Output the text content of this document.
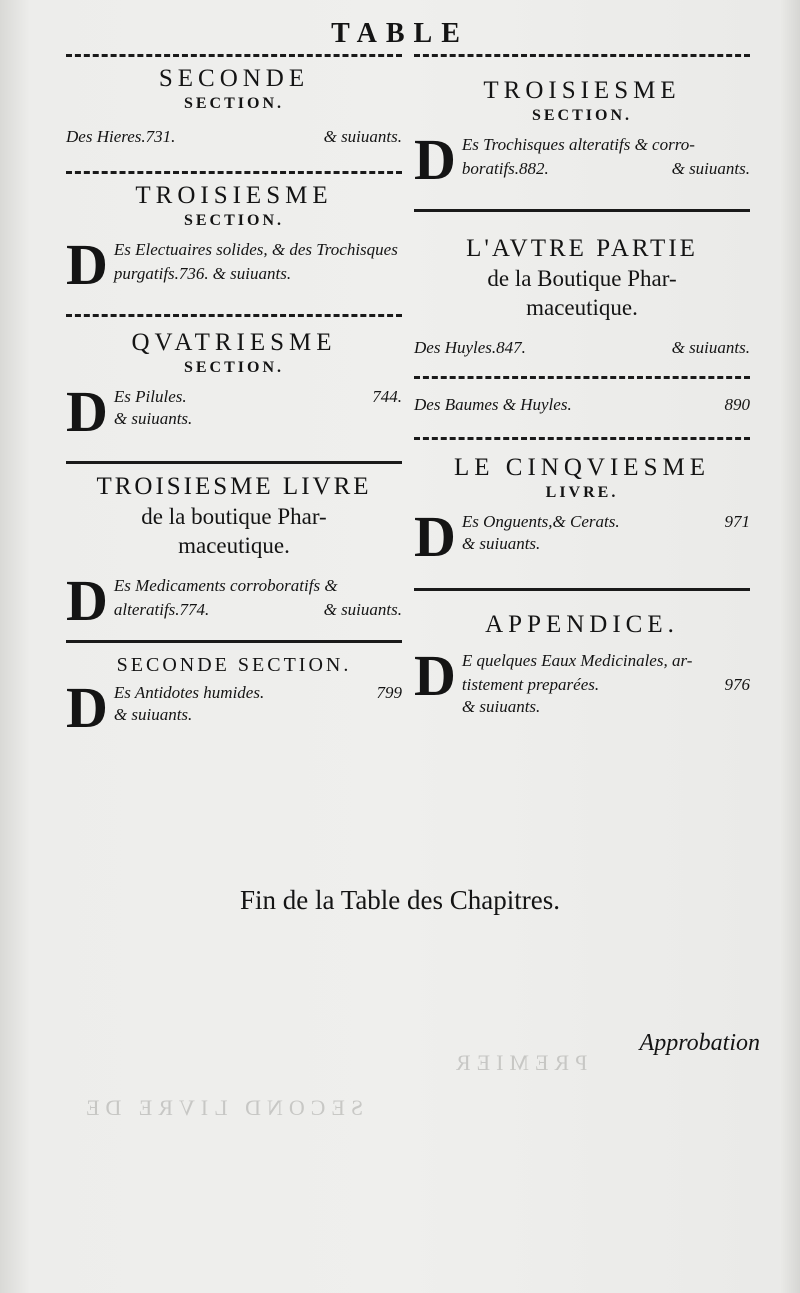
PREMIER
SECOND LIVRE DE
TABLE
SECONDE
SECTION.
Des Hieres.731.	& suiuants.
TROISIESME
SECTION.
D Es Electuaires solides, & des Trochisques purgatifs.736. & suiuants.
QVATRIESME
SECTION.
D Es Pilules.	744.
& suiuants.
TROISIESME LIVRE
de la boutique Phar-
maceutique.
D Es Medicaments corroboratifs &
alteratifs.774.	& suiuants.
SECONDE SECTION.
D Es Antidotes humides.	799
& suiuants.
TROISIESME
SECTION.
D Es Trochisques alteratifs & corro-
boratifs.882.	& suiuants.
L'AVTRE PARTIE
de la Boutique Phar-
maceutique.
Des Huyles.847.	& suiuants.
Des Baumes & Huyles.	890
LE CINQVIESME
LIVRE.
D Es Onguents,& Cerats.	971
& suiuants.
APPENDICE.
D E quelques Eaux Medicinales, ar-
tistement preparées.	976
& suiuants.
Fin de la Table des Chapitres.
Approbation
